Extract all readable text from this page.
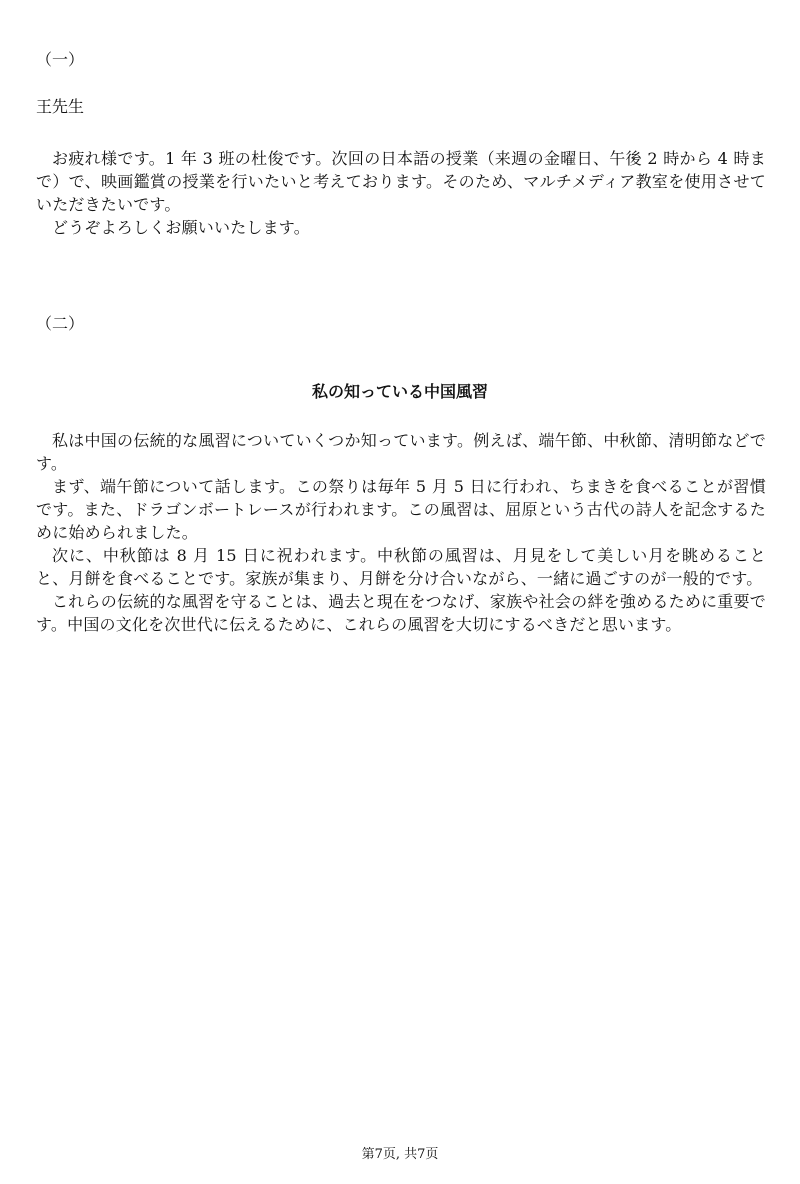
（一）
王先生

お疲れ様です。1 年 3 班の杜俊です。次回の日本語の授業（来週の金曜日、午後 2 時から 4 時まで）で、映画鑑賞の授業を行いたいと考えております。そのため、マルチメディア教室を使用させていただきたいです。

どうぞよろしくお願いいたします。

（二）
私の知っている中国風習

私は中国の伝統的な風習についていくつか知っています。例えば、端午節、中秋節、清明節などです。

まず、端午節について話します。この祭りは毎年 5 月 5 日に行われ、ちまきを食べることが習慣です。また、ドラゴンボートレースが行われます。この風習は、屈原という古代の詩人を記念するために始められました。

次に、中秋節は 8 月 15 日に祝われます。中秋節の風習は、月見をして美しい月を眺めることと、月餅を食べることです。家族が集まり、月餅を分け合いながら、一緒に過ごすのが一般的です。

これらの伝統的な風習を守ることは、過去と現在をつなげ、家族や社会の絆を強めるために重要です。中国の文化を次世代に伝えるために、これらの風習を大切にするべきだと思います。

第7页, 共7页
